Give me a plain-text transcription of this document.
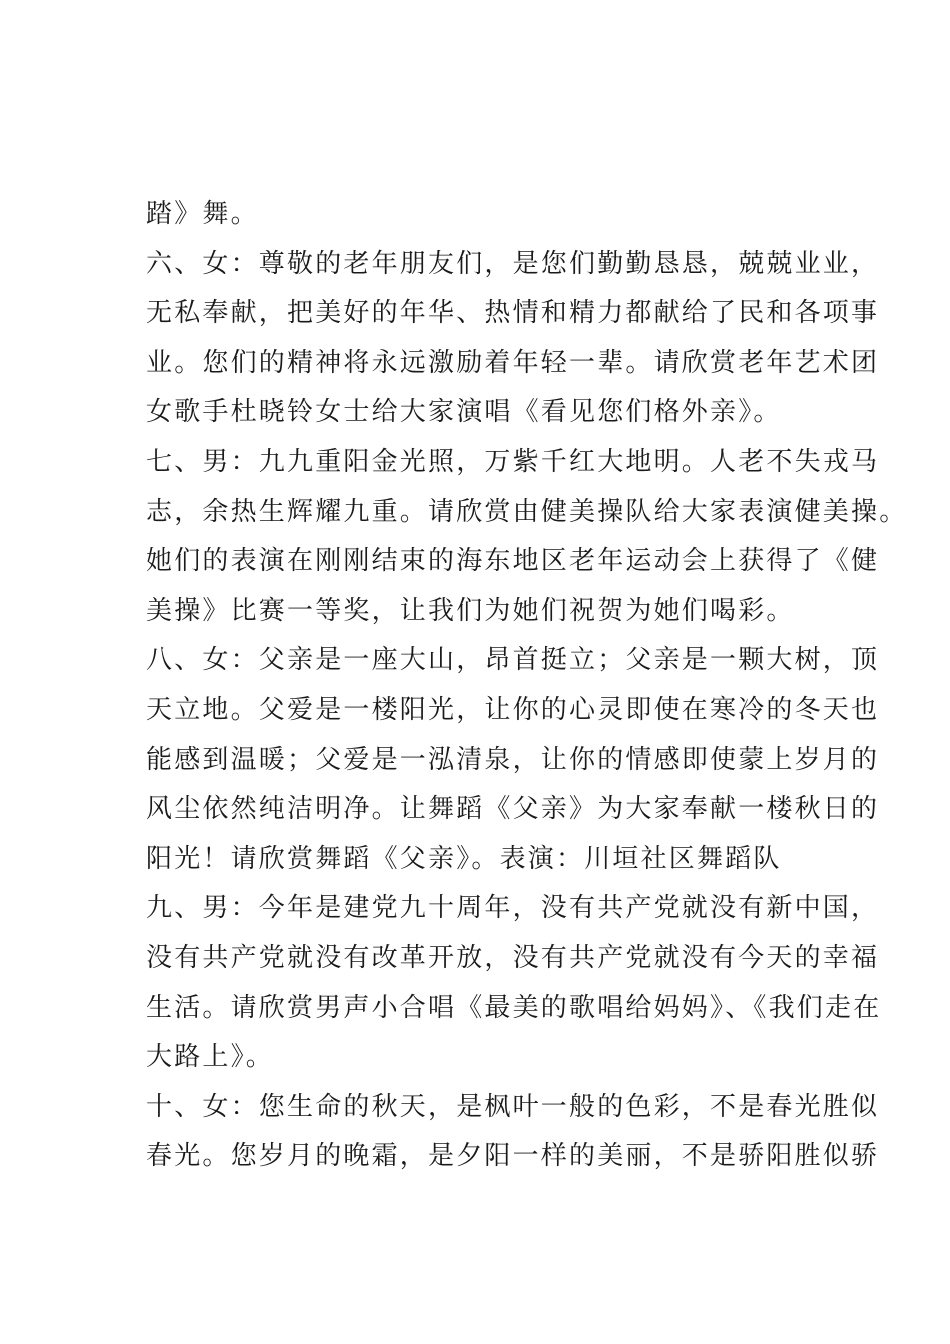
踏》舞。
六、女：尊敬的老年朋友们，是您们勤勤恳恳，兢兢业业，
无私奉献，把美好的年华、热情和精力都献给了民和各项事
业。您们的精神将永远激励着年轻一辈。请欣赏老年艺术团
女歌手杜晓铃女士给大家演唱《看见您们格外亲》。
七、男：九九重阳金光照，万紫千红大地明。人老不失戎马
志，余热生辉耀九重。请欣赏由健美操队给大家表演健美操。
她们的表演在刚刚结束的海东地区老年运动会上获得了《健
美操》比赛一等奖，让我们为她们祝贺为她们喝彩。
八、女：父亲是一座大山，昂首挺立；父亲是一颗大树，顶
天立地。父爱是一楼阳光，让你的心灵即使在寒冷的冬天也
能感到温暖；父爱是一泓清泉，让你的情感即使蒙上岁月的
风尘依然纯洁明净。让舞蹈《父亲》为大家奉献一楼秋日的
阳光！请欣赏舞蹈《父亲》。表演：川垣社区舞蹈队
九、男：今年是建党九十周年，没有共产党就没有新中国，
没有共产党就没有改革开放，没有共产党就没有今天的幸福
生活。请欣赏男声小合唱《最美的歌唱给妈妈》、《我们走在
大路上》。
十、女：您生命的秋天，是枫叶一般的色彩，不是春光胜似
春光。您岁月的晚霜，是夕阳一样的美丽，不是骄阳胜似骄
